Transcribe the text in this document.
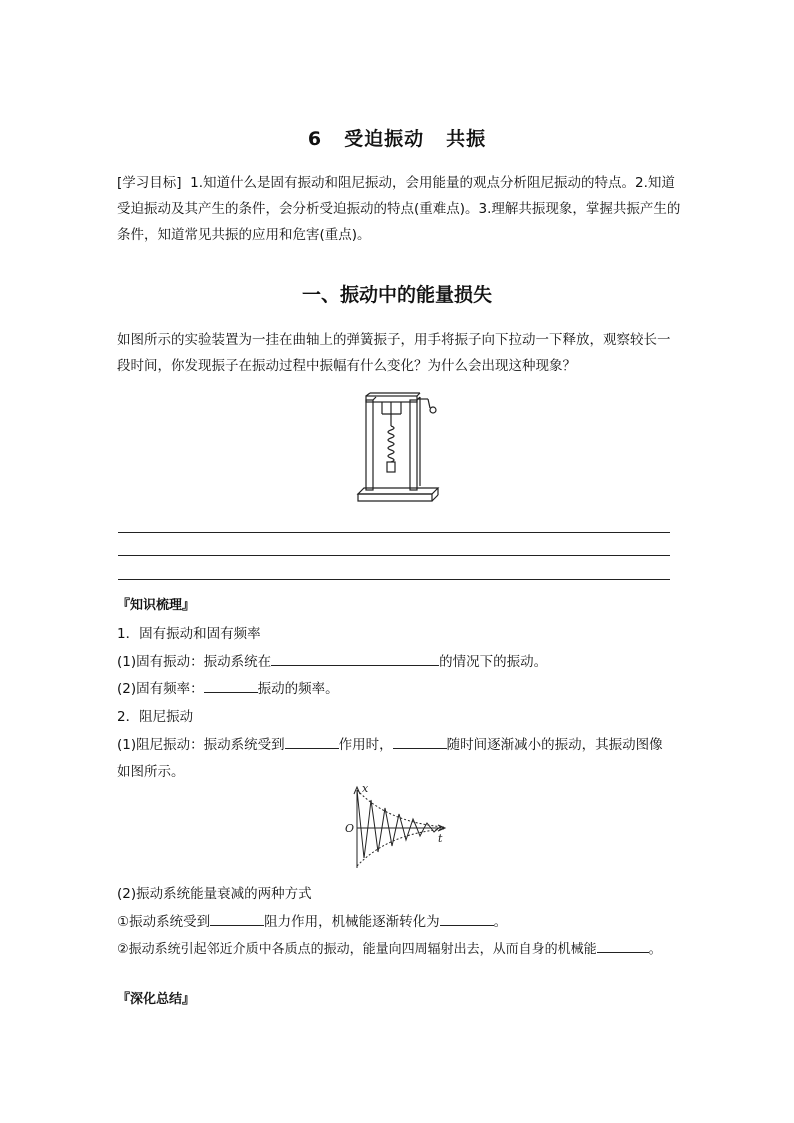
6 受迫振动 共振
[学习目标] 1.知道什么是固有振动和阻尼振动，会用能量的观点分析阻尼振动的特点。2.知道受迫振动及其产生的条件，会分析受迫振动的特点(重难点)。3.理解共振现象，掌握共振产生的条件，知道常见共振的应用和危害(重点)。
一、振动中的能量损失
如图所示的实验装置为一挂在曲轴上的弹簧振子，用手将振子向下拉动一下释放，观察较长一段时间，你发现振子在振动过程中振幅有什么变化？为什么会出现这种现象？
『知识梳理』
1．固有振动和固有频率
(1)固有振动：振动系统在	的情况下的振动。
(2)固有频率：	振动的频率。
2．阻尼振动
(1)阻尼振动：振动系统受到	作用时，	随时间逐渐减小的振动，其振动图像
如图所示。
x
O
t
(2)振动系统能量衰减的两种方式
①振动系统受到	阻力作用，机械能逐渐转化为	。
②振动系统引起邻近介质中各质点的振动，能量向四周辐射出去，从而自身的机械能	。
『深化总结』
